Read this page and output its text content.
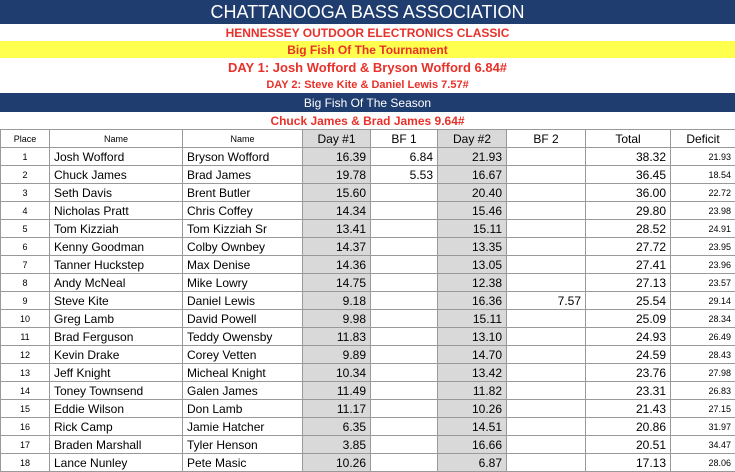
CHATTANOOGA BASS ASSOCIATION
HENNESSEY OUTDOOR ELECTRONICS CLASSIC
Big Fish Of The Tournament
DAY 1: Josh Wofford & Bryson Wofford 6.84#
DAY 2: Steve Kite & Daniel Lewis 7.57#
Big Fish Of The Season
Chuck James & Brad James 9.64#
Place	Name	Name	Day #1	BF 1	Day #2	BF 2	Total	Deficit
1	Josh Wofford	Bryson Wofford	16.39	6.84	21.93		38.32	21.93
2	Chuck James	Brad James	19.78	5.53	16.67		36.45	18.54
3	Seth Davis	Brent Butler	15.60		20.40		36.00	22.72
4	Nicholas Pratt	Chris Coffey	14.34		15.46		29.80	23.98
5	Tom Kizziah	Tom Kizziah Sr	13.41		15.11		28.52	24.91
6	Kenny Goodman	Colby Ownbey	14.37		13.35		27.72	23.95
7	Tanner Huckstep	Max Denise	14.36		13.05		27.41	23.96
8	Andy McNeal	Mike Lowry	14.75		12.38		27.13	23.57
9	Steve Kite	Daniel Lewis	9.18		16.36	7.57	25.54	29.14
10	Greg Lamb	David Powell	9.98		15.11		25.09	28.34
11	Brad Ferguson	Teddy Owensby	11.83		13.10		24.93	26.49
12	Kevin Drake	Corey Vetten	9.89		14.70		24.59	28.43
13	Jeff Knight	Micheal Knight	10.34		13.42		23.76	27.98
14	Toney Townsend	Galen James	11.49		11.82		23.31	26.83
15	Eddie Wilson	Don Lamb	11.17		10.26		21.43	27.15
16	Rick Camp	Jamie Hatcher	6.35		14.51		20.86	31.97
17	Braden Marshall	Tyler Henson	3.85		16.66		20.51	34.47
18	Lance Nunley	Pete Masic	10.26		6.87		17.13	28.06
